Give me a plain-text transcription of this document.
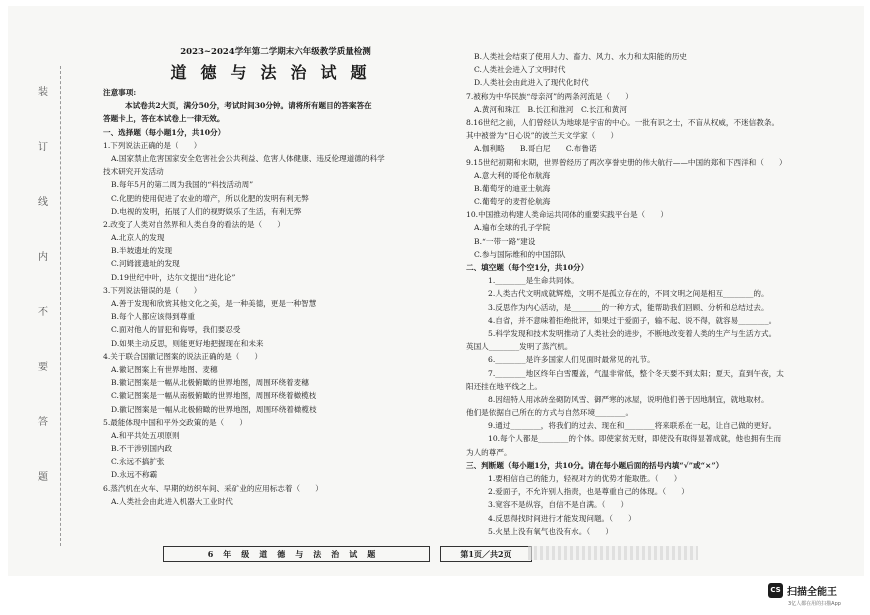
装
订
线
内
不
要
答
题
2023~2024学年第二学期末六年级教学质量检测
道德与法治试题
注意事项:
本试卷共2大页，满分50分，考试时间30分钟。请将所有题目的答案答在
答题卡上，答在本试卷上一律无效。
一、选择题（每小题1分，共10分）
1.下列说法正确的是（　　）
A.国家禁止危害国家安全危害社会公共利益、危害人体健康、违反伦理道德的科学
技术研究开发活动
B.每年5月的第二周为我国的“科技活动周”
C.化肥的使用促进了农业的增产，所以化肥的发明有利无弊
D.电视的发明，拓展了人们的视野娱乐了生活，有利无弊
2.改变了人类对自然界和人类自身的看法的是（　　）
A.北京人的发现
B.半坡遗址的发现
C.河姆渡遗址的发现
D.19世纪中叶，达尔文提出“进化论”
3.下列说法错误的是（　　）
A.善于发现和欣赏其他文化之美，是一种美德，更是一种智慧
B.每个人都应该得到尊重
C.面对他人的冒犯和侮辱，我们要忍受
D.如果主动反思，则能更好地把握现在和未来
4.关于联合国徽记图案的说法正确的是（　　）
A.徽记图案上有世界地图、麦穗
B.徽记图案是一幅从北极俯瞰的世界地图，周围环绕着麦穗
C.徽记图案是一幅从南极俯瞰的世界地图，周围环绕着橄榄枝
D.徽记图案是一幅从北极俯瞰的世界地图，周围环绕着橄榄枝
5.最能体现中国和平外交政策的是（　　）
A.和平共处五项原则
B.不干涉别国内政
C.永远不搞扩张
D.永远不称霸
6.蒸汽机在火车、早期的纺织车间、采矿业的应用标志着（　　）
A.人类社会由此进入机器大工业时代
B.人类社会结束了使用人力、畜力、风力、水力和太阳能的历史
C.人类社会进入了文明时代
D.人类社会由此进入了现代化时代
7.被称为中华民族“母亲河”的两条河流是（　　）
A.黄河和珠江　B.长江和淮河　C.长江和黄河
8.16世纪之前，人们曾经认为地球是宇宙的中心。一批有识之士，不盲从权威，不迷信教条。
其中被誉为“日心说”的波兰天文学家（　　）
A.伽利略　　B.哥白尼　　C.布鲁诺
9.15世纪初期和末期，世界曾经历了两次享誉史册的伟大航行——中国的郑和下西洋和（　　）
A.意大利的哥伦布航海
B.葡萄牙的迪亚士航海
C.葡萄牙的麦哲伦航海
10.中国推动构建人类命运共同体的重要实践平台是（　　）
A.遍布全球的孔子学院
B.“一带一路”建设
C.参与国际维和的中国部队
二、填空题（每个空1分，共10分）
1.________是生命共同体。
2.人类古代文明成就辉煌，文明不是孤立存在的，不同文明之间是相互________的。
3.反思作为内心活动，是________的一种方式，能帮助我们回顾、分析和总结过去。
4.自省，并不意味着拒绝批评，如果过于爱面子，输不起、说不得，就容易________。
5.科学发现和技术发明推动了人类社会的进步，不断地改变着人类的生产与生活方式。
英国人________发明了蒸汽机。
6.________是许多国家人们见面时最常见的礼节。
7.________地区终年白雪覆盖，气温非常低，整个冬天要不到太阳；夏天，直到午夜，太
阳还挂在地平线之上。
8.因纽特人用冰砖垒砌防风雪、御严寒的冰屋，说明他们善于因地制宜，就地取材。
他们是依据自己所在的方式与自然环境________。
9.通过________，将我们的过去、现在和________将来联系在一起，让自己做的更好。
10.每个人都是________的个体。即使家贫无财，即使没有取得显著成就，他也拥有生而
为人的尊严。
三、判断题（每小题1分，共10分。请在每小题后面的括号内填“√”或“×”）
1.要相信自己的能力，轻视对方的优势才能取胜。（　　）
2.爱面子，不允许别人指责，也是尊重自己的体现。（　　）
3.宽容不是纵容，自信不是自满。（　　）
4.反思得找时间进行才能发现问题。（　　）
5.火星上没有氧气也没有水。（　　）
6年级道德与法治试题	第1页／共2页
CS 扫描全能王
3亿人都在用的扫描App
